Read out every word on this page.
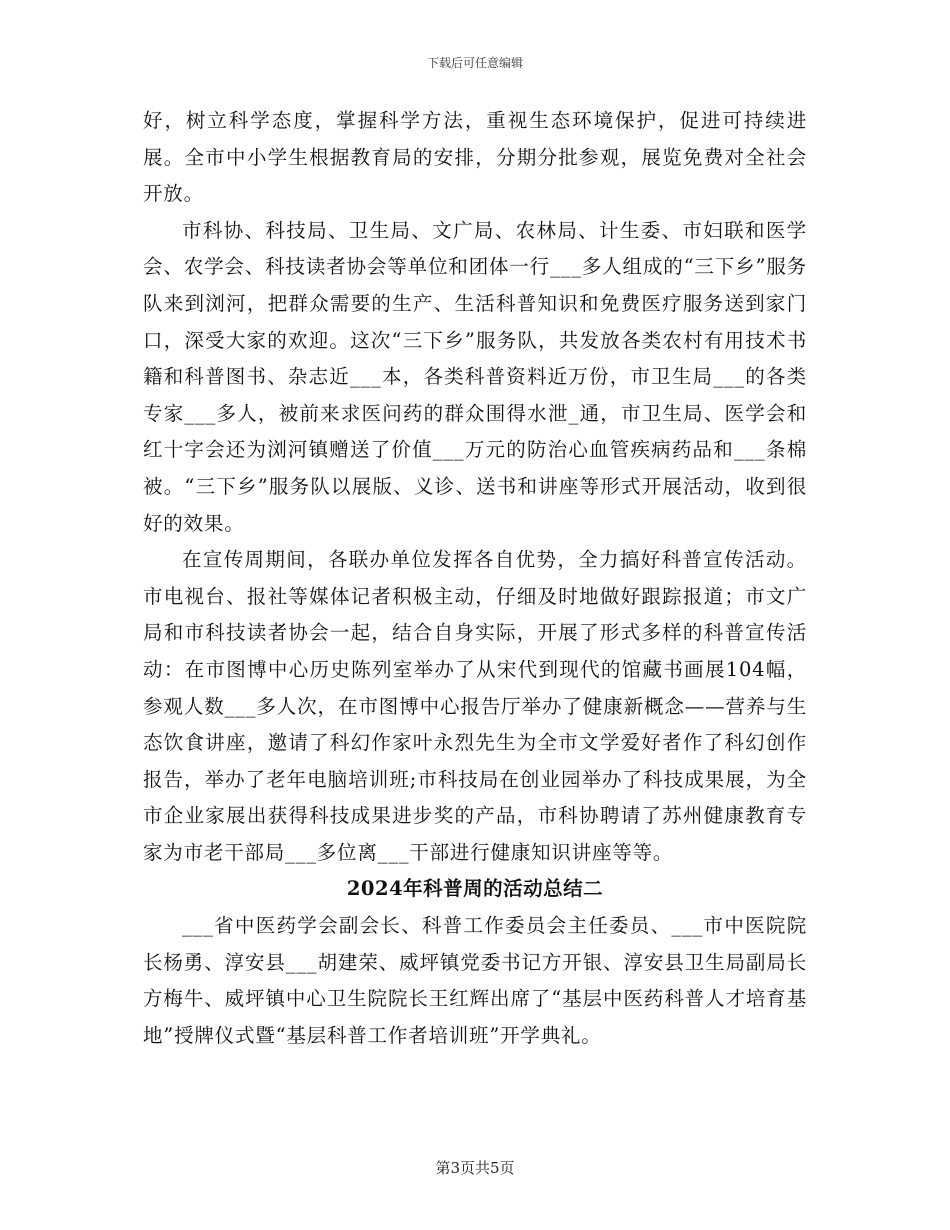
下载后可任意编辑

好，树立科学态度，掌握科学方法，重视生态环境保护，促进可持续进展。全市中小学生根据教育局的安排，分期分批参观，展览免费对全社会开放。

市科协、科技局、卫生局、文广局、农林局、计生委、市妇联和医学会、农学会、科技读者协会等单位和团体一行___多人组成的“三下乡”服务队来到浏河，把群众需要的生产、生活科普知识和免费医疗服务送到家门口，深受大家的欢迎。这次“三下乡”服务队，共发放各类农村有用技术书籍和科普图书、杂志近___本，各类科普资料近万份，市卫生局___的各类专家___多人，被前来求医问药的群众围得水泄_通，市卫生局、医学会和红十字会还为浏河镇赠送了价值___万元的防治心血管疾病药品和___条棉被。“三下乡”服务队以展版、义诊、送书和讲座等形式开展活动，收到很好的效果。

在宣传周期间，各联办单位发挥各自优势，全力搞好科普宣传活动。市电视台、报社等媒体记者积极主动，仔细及时地做好跟踪报道；市文广局和市科技读者协会一起，结合自身实际，开展了形式多样的科普宣传活动：在市图博中心历史陈列室举办了从宋代到现代的馆藏书画展104幅，参观人数___多人次，在市图博中心报告厅举办了健康新概念——营养与生态饮食讲座，邀请了科幻作家叶永烈先生为全市文学爱好者作了科幻创作报告，举办了老年电脑培训班;市科技局在创业园举办了科技成果展，为全市企业家展出获得科技成果进步奖的产品，市科协聘请了苏州健康教育专家为市老干部局___多位离___干部进行健康知识讲座等等。

2024年科普周的活动总结二

___省中医药学会副会长、科普工作委员会主任委员、___市中医院院长杨勇、淳安县___胡建荣、威坪镇党委书记方开银、淳安县卫生局副局长方梅牛、威坪镇中心卫生院院长王红辉出席了“基层中医药科普人才培育基地”授牌仪式暨“基层科普工作者培训班”开学典礼。

第3页共5页
